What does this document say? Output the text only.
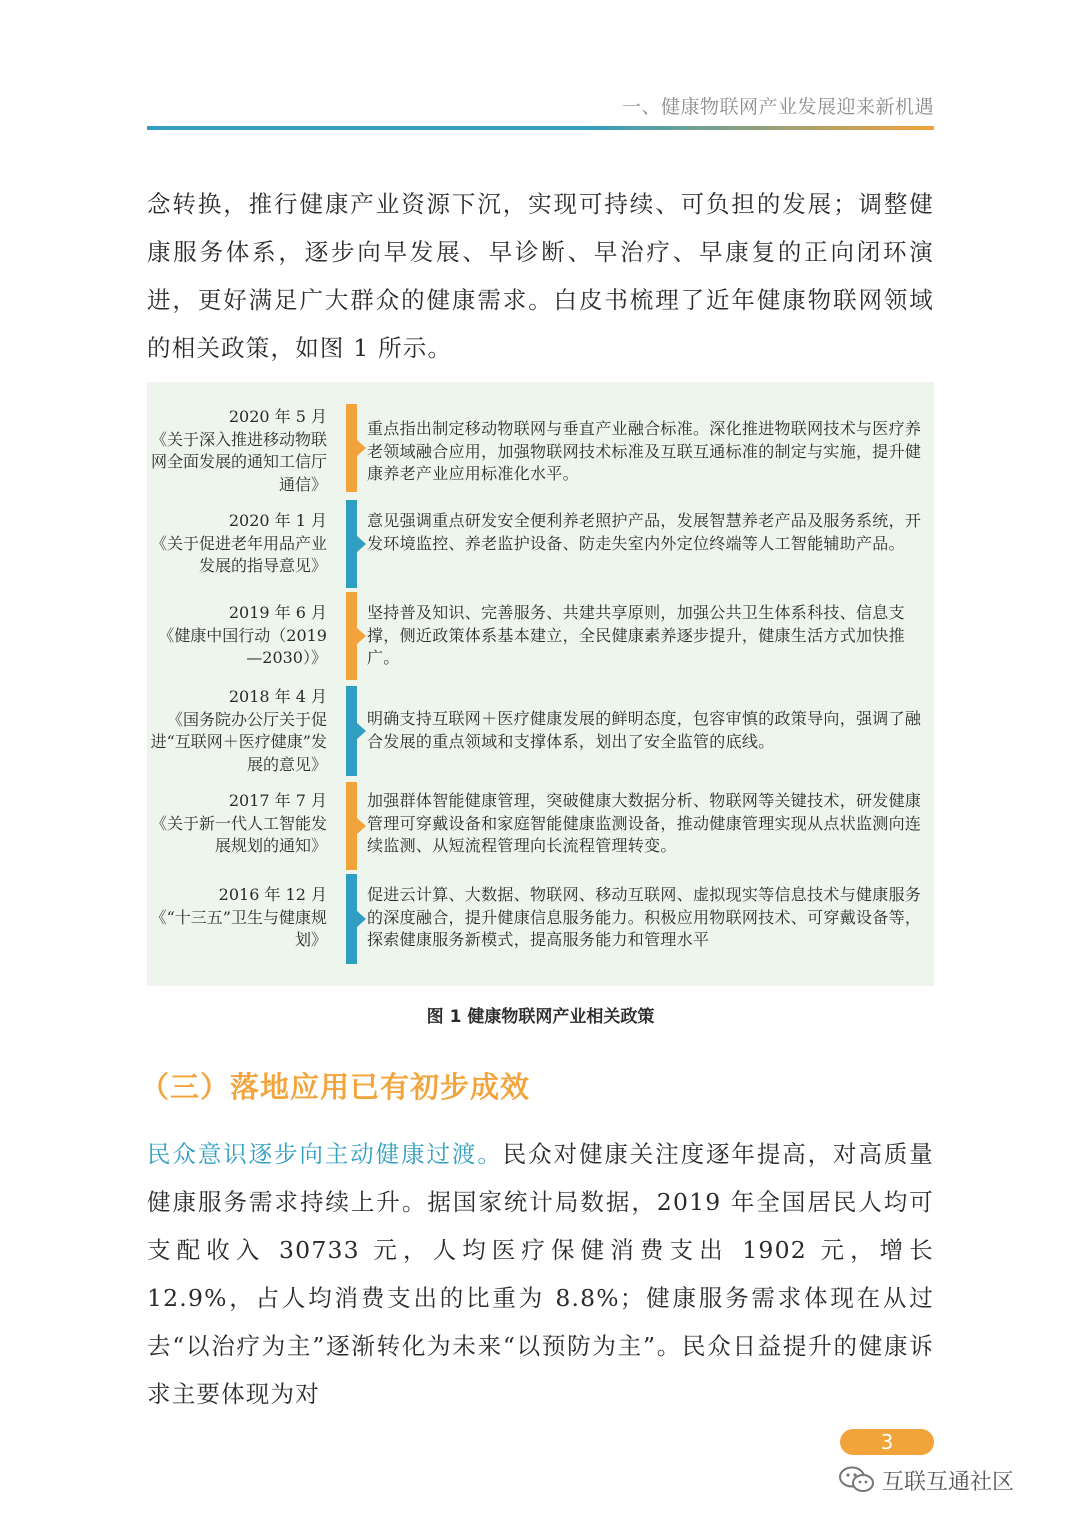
一、健康物联网产业发展迎来新机遇

念转换，推行健康产业资源下沉，实现可持续、可负担的发展；调整健康服务体系，逐步向早发展、早诊断、早治疗、早康复的正向闭环演进，更好满足广大群众的健康需求。白皮书梳理了近年健康物联网领域的相关政策，如图 1 所示。

2020 年 5 月
《关于深入推进移动物联网全面发展的通知工信厅通信》
重点指出制定移动物联网与垂直产业融合标准。深化推进物联网技术与医疗养老领域融合应用，加强物联网技术标准及互联互通标准的制定与实施，提升健康养老产业应用标准化水平。
2020 年 1 月
《关于促进老年用品产业发展的指导意见》
意见强调重点研发安全便利养老照护产品，发展智慧养老产品及服务系统，开发环境监控、养老监护设备、防走失室内外定位终端等人工智能辅助产品。
2019 年 6 月
《健康中国行动（2019—2030）》
坚持普及知识、完善服务、共建共享原则，加强公共卫生体系科技、信息支撑，侧近政策体系基本建立，全民健康素养逐步提升，健康生活方式加快推广。
2018 年 4 月
《国务院办公厅关于促进“互联网＋医疗健康”发展的意见》
明确支持互联网＋医疗健康发展的鲜明态度，包容审慎的政策导向，强调了融合发展的重点领域和支撑体系，划出了安全监管的底线。
2017 年 7 月
《关于新一代人工智能发展规划的通知》
加强群体智能健康管理，突破健康大数据分析、物联网等关键技术，研发健康管理可穿戴设备和家庭智能健康监测设备，推动健康管理实现从点状监测向连续监测、从短流程管理向长流程管理转变。
2016 年 12 月
《“十三五”卫生与健康规划》
促进云计算、大数据、物联网、移动互联网、虚拟现实等信息技术与健康服务的深度融合，提升健康信息服务能力。积极应用物联网技术、可穿戴设备等，探索健康服务新模式，提高服务能力和管理水平
图 1 健康物联网产业相关政策
（三）落地应用已有初步成效

民众意识逐步向主动健康过渡。民众对健康关注度逐年提高，对高质量健康服务需求持续上升。据国家统计局数据，2019 年全国居民人均可支配收入 30733 元，人均医疗保健消费支出 1902 元，增长 12.9%，占人均消费支出的比重为 8.8%；健康服务需求体现在从过去“以治疗为主”逐渐转化为未来“以预防为主”。民众日益提升的健康诉求主要体现为对

3
互联互通社区
